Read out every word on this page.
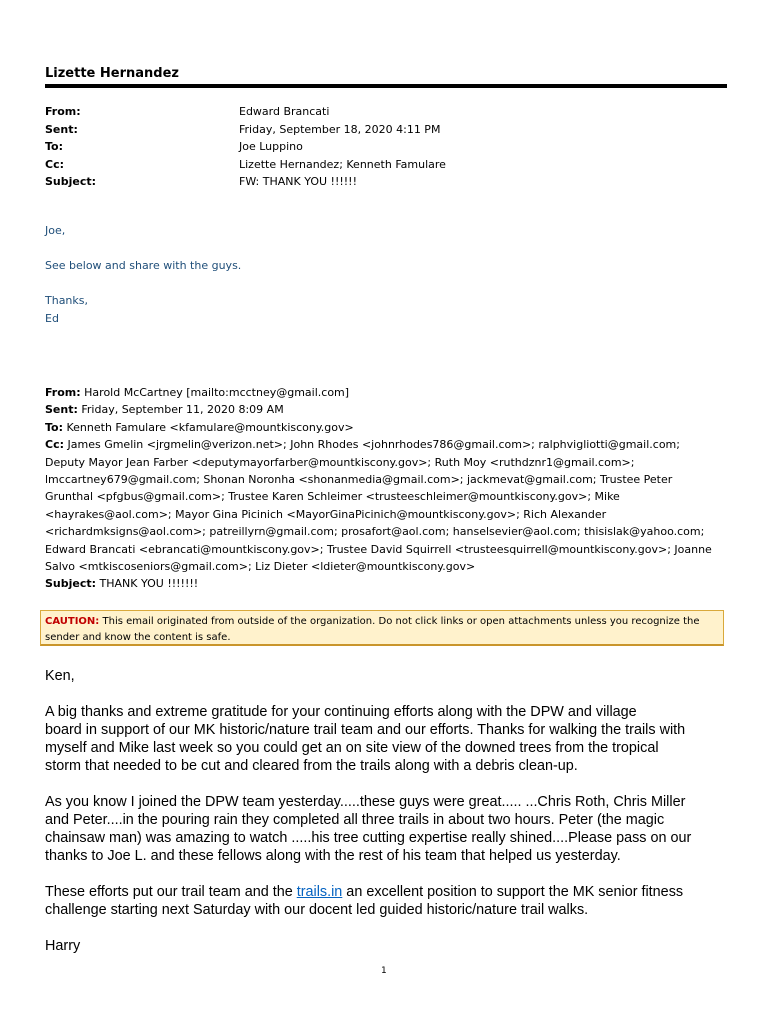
Lizette Hernandez
From:	Edward Brancati
Sent:	Friday, September 18, 2020 4:11 PM
To:	Joe Luppino
Cc:	Lizette Hernandez; Kenneth Famulare
Subject:	FW: THANK YOU !!!!!!

Joe,

See below and share with the guys.

Thanks,

Ed

From: Harold McCartney [mailto:mcctney@gmail.com]
Sent: Friday, September 11, 2020 8:09 AM
To: Kenneth Famulare <kfamulare@mountkiscony.gov>
Cc: James Gmelin <jrgmelin@verizon.net>; John Rhodes <johnrhodes786@gmail.com>; ralphvigliotti@gmail.com;
Deputy Mayor Jean Farber <deputymayorfarber@mountkiscony.gov>; Ruth Moy <ruthdznr1@gmail.com>;
lmccartney679@gmail.com; Shonan Noronha <shonanmedia@gmail.com>; jackmevat@gmail.com; Trustee Peter
Grunthal <pfgbus@gmail.com>; Trustee Karen Schleimer <trusteeschleimer@mountkiscony.gov>; Mike
<hayrakes@aol.com>; Mayor Gina Picinich <MayorGinaPicinich@mountkiscony.gov>; Rich Alexander
<richardmksigns@aol.com>; patreillyrn@gmail.com; prosafort@aol.com; hanselsevier@aol.com; thisislak@yahoo.com;
Edward Brancati <ebrancati@mountkiscony.gov>; Trustee David Squirrell <trusteesquirrell@mountkiscony.gov>; Joanne
Salvo <mtkiscoseniors@gmail.com>; Liz Dieter <ldieter@mountkiscony.gov>
Subject: THANK YOU !!!!!!!
CAUTION: This email originated from outside of the organization. Do not click links or open attachments unless you recognize the
sender and know the content is safe.

Ken,

A big thanks and extreme gratitude for your continuing efforts along with the DPW and village
board in support of our MK historic/nature trail team and our efforts. Thanks for walking the trails with
myself and Mike last week so you could get an on site view of the downed trees from the tropical
storm that needed to be cut and cleared from the trails along with a debris clean-up.

As you know I joined the DPW team yesterday.....these guys were great..... ...Chris Roth, Chris Miller
and Peter....in the pouring rain they completed all three trails in about two hours. Peter (the magic
chainsaw man) was amazing to watch .....his tree cutting expertise really shined....Please pass on our
thanks to Joe L. and these fellows along with the rest of his team that helped us yesterday.

These efforts put our trail team and the trails.in an excellent position to support the MK senior fitness
challenge starting next Saturday with our docent led guided historic/nature trail walks.

Harry

1
